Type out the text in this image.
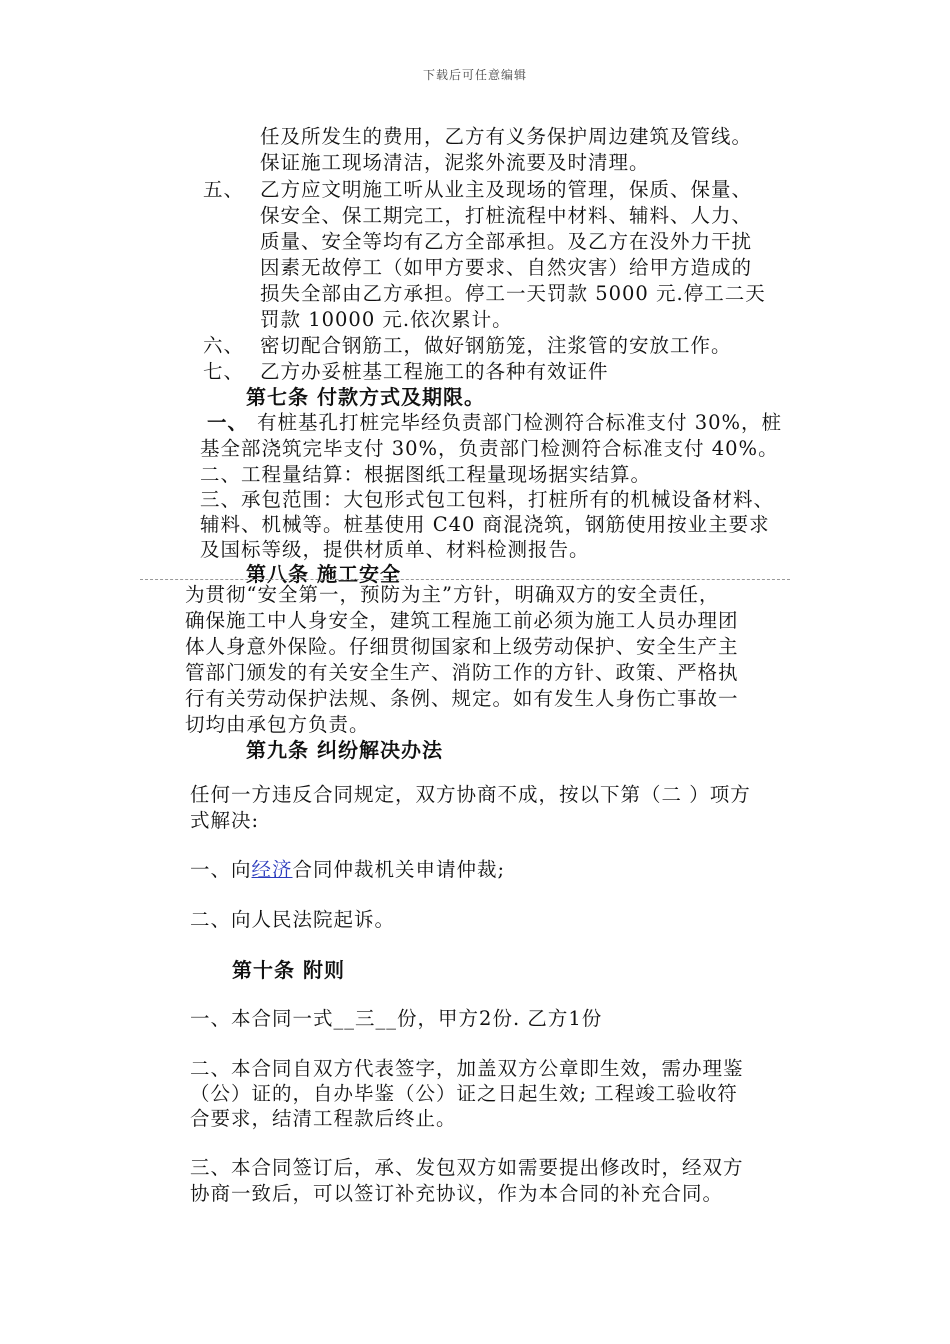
下载后可任意编辑
任及所发生的费用，乙方有义务保护周边建筑及管线。
保证施工现场清洁，泥浆外流要及时清理。
五、 乙方应文明施工听从业主及现场的管理，保质、保量、
保安全、保工期完工，打桩流程中材料、辅料、人力、
质量、安全等均有乙方全部承担。及乙方在没外力干扰
因素无故停工（如甲方要求、自然灾害）给甲方造成的
损失全部由乙方承担。停工一天罚款 5000 元.停工二天
罚款 10000 元.依次累计。
六、 密切配合钢筋工，做好钢筋笼，注浆管的安放工作。
七、 乙方办妥桩基工程施工的各种有效证件
第七条 付款方式及期限。
一、 有桩基孔打桩完毕经负责部门检测符合标准支付 30%，桩
基全部浇筑完毕支付 30%，负责部门检测符合标准支付 40%。
二、工程量结算：根据图纸工程量现场据实结算。
三、承包范围：大包形式包工包料，打桩所有的机械设备材料、
辅料、机械等。桩基使用 C40 商混浇筑，钢筋使用按业主要求
及国标等级，提供材质单、材料检测报告。
第八条 施工安全
为贯彻“安全第一，预防为主”方针，明确双方的安全责任，
确保施工中人身安全，建筑工程施工前必须为施工人员办理团
体人身意外保险。仔细贯彻国家和上级劳动保护、安全生产主
管部门颁发的有关安全生产、消防工作的方针、政策、严格执
行有关劳动保护法规、条例、规定。如有发生人身伤亡事故一
切均由承包方负责。
第九条 纠纷解决办法
任何一方违反合同规定，双方协商不成，按以下第（二 ）项方
式解决:
一、向经济合同仲裁机关申请仲裁;
二、向人民法院起诉。
第十条 附则
一、本合同一式__三__份，甲方2份. 乙方1份
二、本合同自双方代表签字，加盖双方公章即生效，需办理鉴
（公）证的，自办毕鉴（公）证之日起生效; 工程竣工验收符
合要求，结清工程款后终止。
三、本合同签订后，承、发包双方如需要提出修改时，经双方
协商一致后，可以签订补充协议，作为本合同的补充合同。
